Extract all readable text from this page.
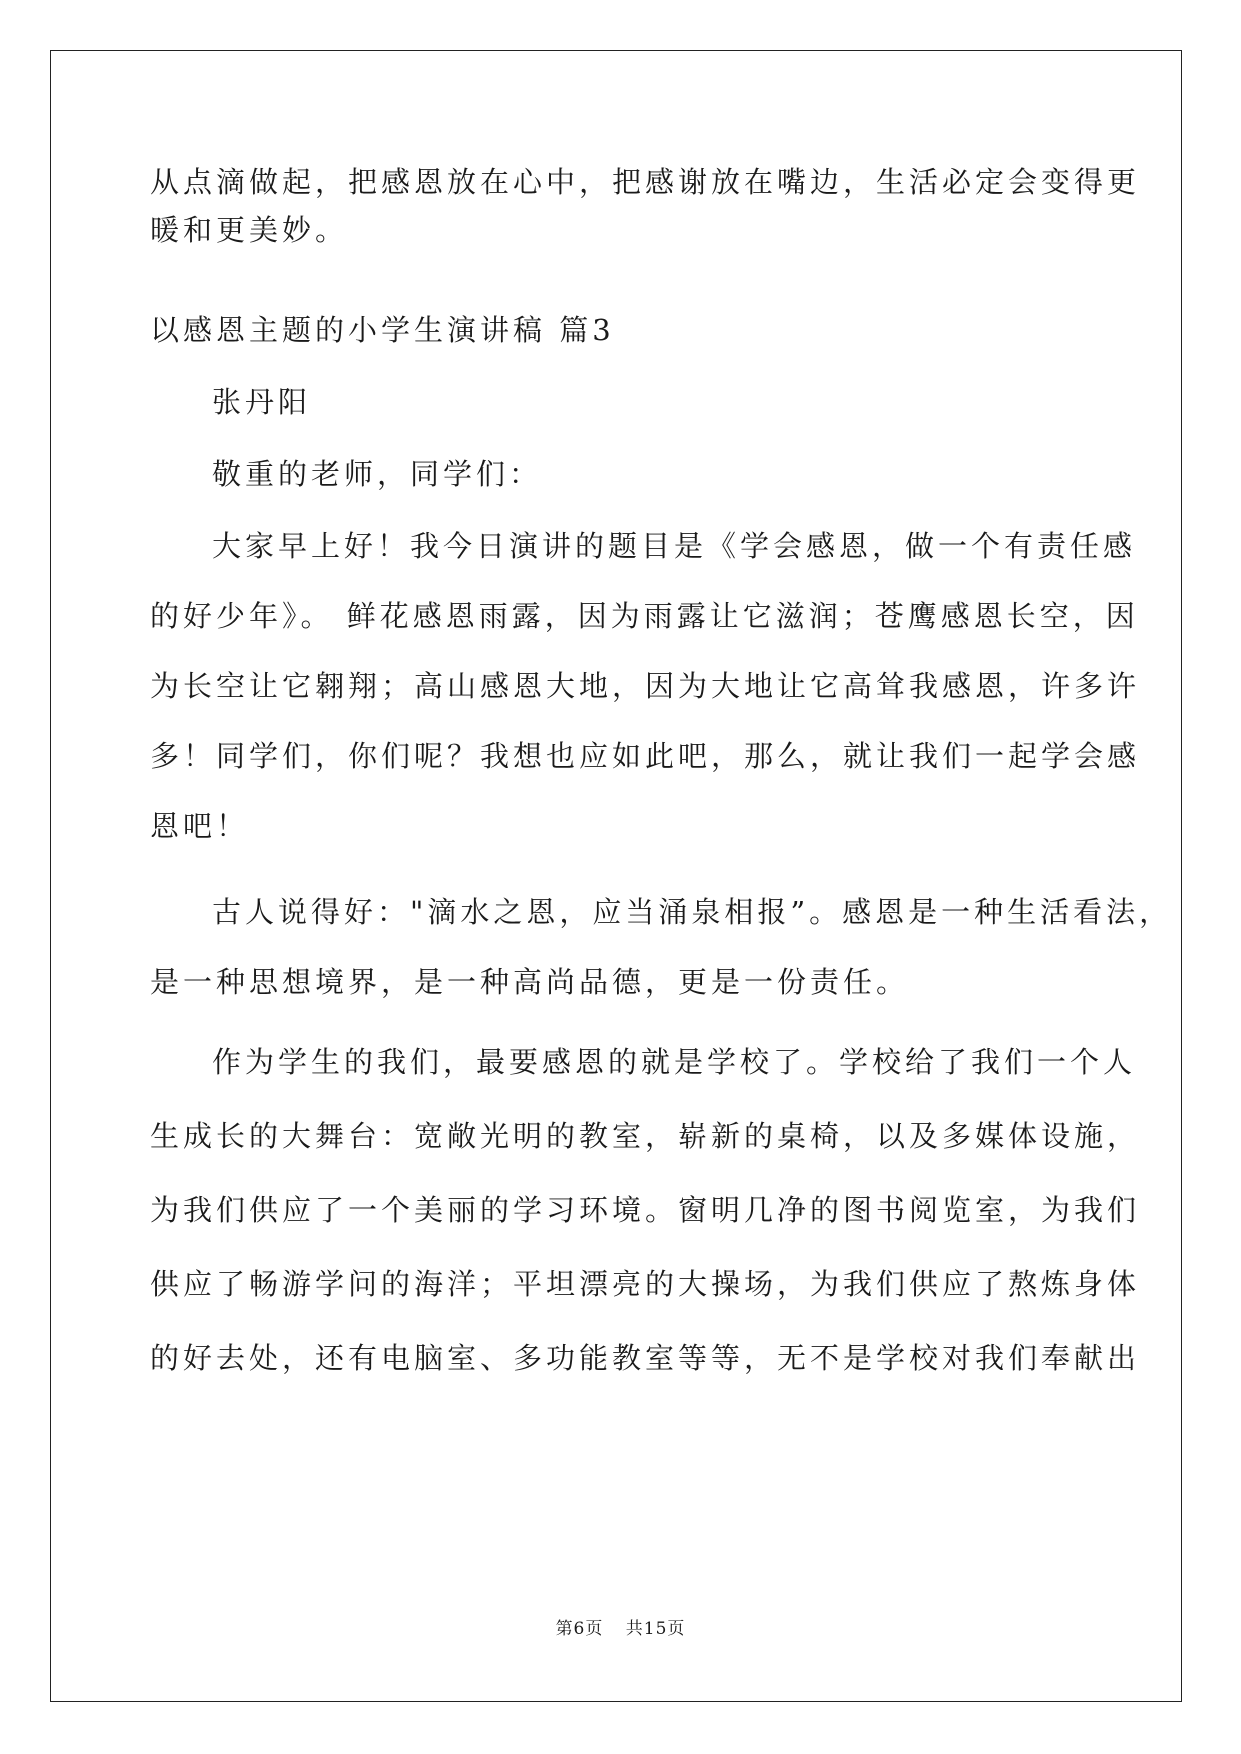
从点滴做起，把感恩放在心中，把感谢放在嘴边，生活必定会变得更

暖和更美妙。

以感恩主题的小学生演讲稿 篇3

张丹阳

敬重的老师，同学们：

大家早上好！我今日演讲的题目是《学会感恩，做一个有责任感

的好少年》。 鲜花感恩雨露，因为雨露让它滋润；苍鹰感恩长空，因

为长空让它翱翔；高山感恩大地，因为大地让它高耸我感恩，许多许

多！同学们，你们呢？我想也应如此吧，那么，就让我们一起学会感

恩吧！

古人说得好："滴水之恩，应当涌泉相报”。感恩是一种生活看法，

是一种思想境界，是一种高尚品德，更是一份责任。

作为学生的我们，最要感恩的就是学校了。学校给了我们一个人

生成长的大舞台：宽敞光明的教室，崭新的桌椅，以及多媒体设施，

为我们供应了一个美丽的学习环境。窗明几净的图书阅览室，为我们

供应了畅游学问的海洋；平坦漂亮的大操场，为我们供应了熬炼身体

的好去处，还有电脑室、多功能教室等等，无不是学校对我们奉献出

第6页 共15页
